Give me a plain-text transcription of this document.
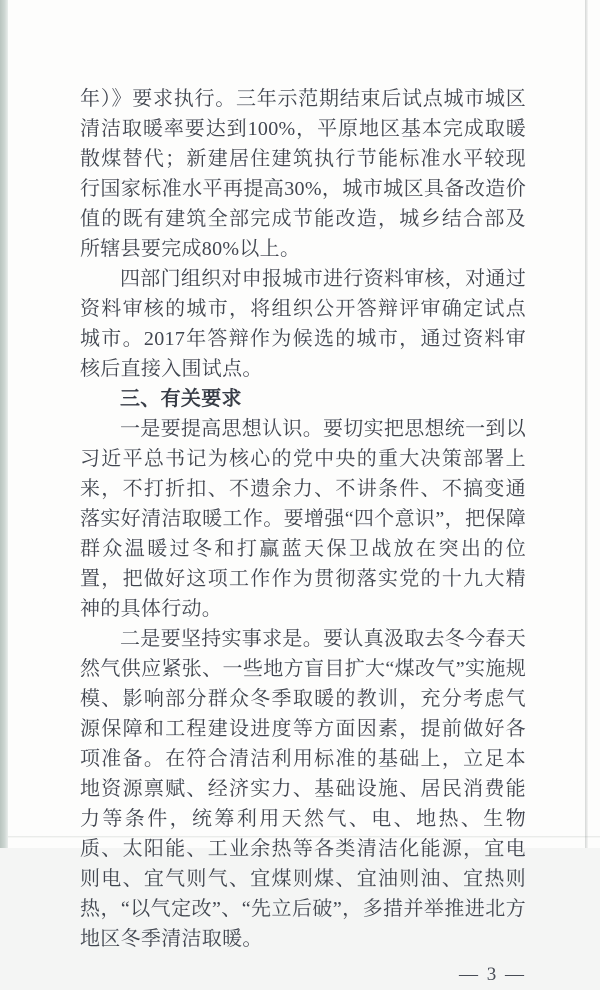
年）》要求执行。三年示范期结束后试点城市城区清洁取暖率要达到100%，平原地区基本完成取暖散煤替代；新建居住建筑执行节能标准水平较现行国家标准水平再提高30%，城市城区具备改造价值的既有建筑全部完成节能改造，城乡结合部及所辖县要完成80%以上。

四部门组织对申报城市进行资料审核，对通过资料审核的城市，将组织公开答辩评审确定试点城市。2017年答辩作为候选的城市，通过资料审核后直接入围试点。

三、有关要求

一是要提高思想认识。要切实把思想统一到以习近平总书记为核心的党中央的重大决策部署上来，不打折扣、不遗余力、不讲条件、不搞变通落实好清洁取暖工作。要增强“四个意识”，把保障群众温暖过冬和打赢蓝天保卫战放在突出的位置，把做好这项工作作为贯彻落实党的十九大精神的具体行动。

二是要坚持实事求是。要认真汲取去冬今春天然气供应紧张、一些地方盲目扩大“煤改气”实施规模、影响部分群众冬季取暖的教训，充分考虑气源保障和工程建设进度等方面因素，提前做好各项准备。在符合清洁利用标准的基础上，立足本地资源禀赋、经济实力、基础设施、居民消费能力等条件，统筹利用天然气、电、地热、生物质、太阳能、工业余热等各类清洁化能源，宜电则电、宜气则气、宜煤则煤、宜油则油、宜热则热，“以气定改”、“先立后破”，多措并举推进北方地区冬季清洁取暖。

— 3 —
